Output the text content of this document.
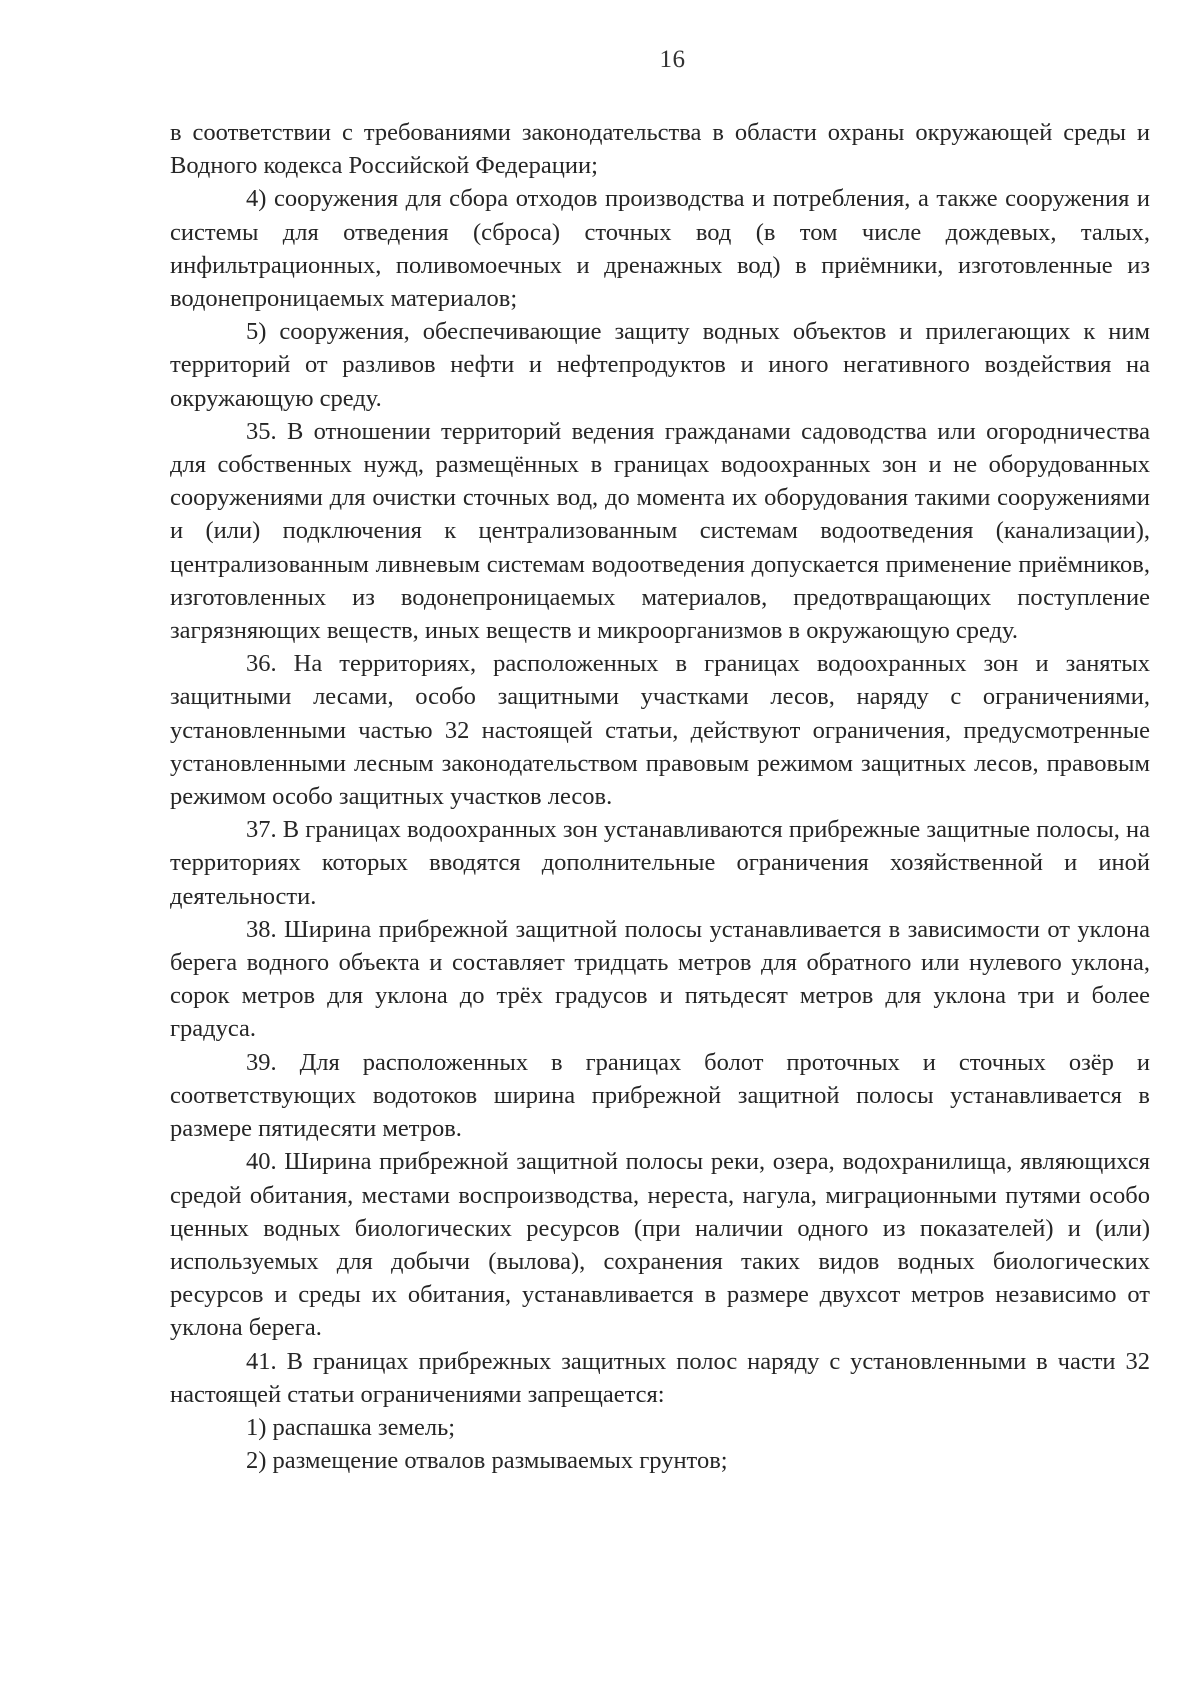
16

в соответствии с требованиями законодательства в области охраны окружающей среды и Водного кодекса Российской Федерации;

4) сооружения для сбора отходов производства и потребления, а также сооружения и системы для отведения (сброса) сточных вод (в том числе дождевых, талых, инфильтрационных, поливомоечных и дренажных вод) в приёмники, изготовленные из водонепроницаемых материалов;

5) сооружения, обеспечивающие защиту водных объектов и прилегающих к ним территорий от разливов нефти и нефтепродуктов и иного негативного воздействия на окружающую среду.

35. В отношении территорий ведения гражданами садоводства или огородничества для собственных нужд, размещённых в границах водоохранных зон и не оборудованных сооружениями для очистки сточных вод, до момента их оборудования такими сооружениями и (или) подключения к централизованным системам водоотведения (канализации), централизованным ливневым системам водоотведения допускается применение приёмников, изготовленных из водонепроницаемых материалов, предотвращающих поступление загрязняющих веществ, иных веществ и микроорганизмов в окружающую среду.

36. На территориях, расположенных в границах водоохранных зон и занятых защитными лесами, особо защитными участками лесов, наряду с ограничениями, установленными частью 32 настоящей статьи, действуют ограничения, предусмотренные установленными лесным законодательством правовым режимом защитных лесов, правовым режимом особо защитных участков лесов.

37. В границах водоохранных зон устанавливаются прибрежные защитные полосы, на территориях которых вводятся дополнительные ограничения хозяйственной и иной деятельности.

38. Ширина прибрежной защитной полосы устанавливается в зависимости от уклона берега водного объекта и составляет тридцать метров для обратного или нулевого уклона, сорок метров для уклона до трёх градусов и пятьдесят метров для уклона три и более градуса.

39. Для расположенных в границах болот проточных и сточных озёр и соответствующих водотоков ширина прибрежной защитной полосы устанавливается в размере пятидесяти метров.

40. Ширина прибрежной защитной полосы реки, озера, водохранилища, являющихся средой обитания, местами воспроизводства, нереста, нагула, миграционными путями особо ценных водных биологических ресурсов (при наличии одного из показателей) и (или) используемых для добычи (вылова), сохранения таких видов водных биологических ресурсов и среды их обитания, устанавливается в размере двухсот метров независимо от уклона берега.

41. В границах прибрежных защитных полос наряду с установленными в части 32 настоящей статьи ограничениями запрещается:

1) распашка земель;

2) размещение отвалов размываемых грунтов;
